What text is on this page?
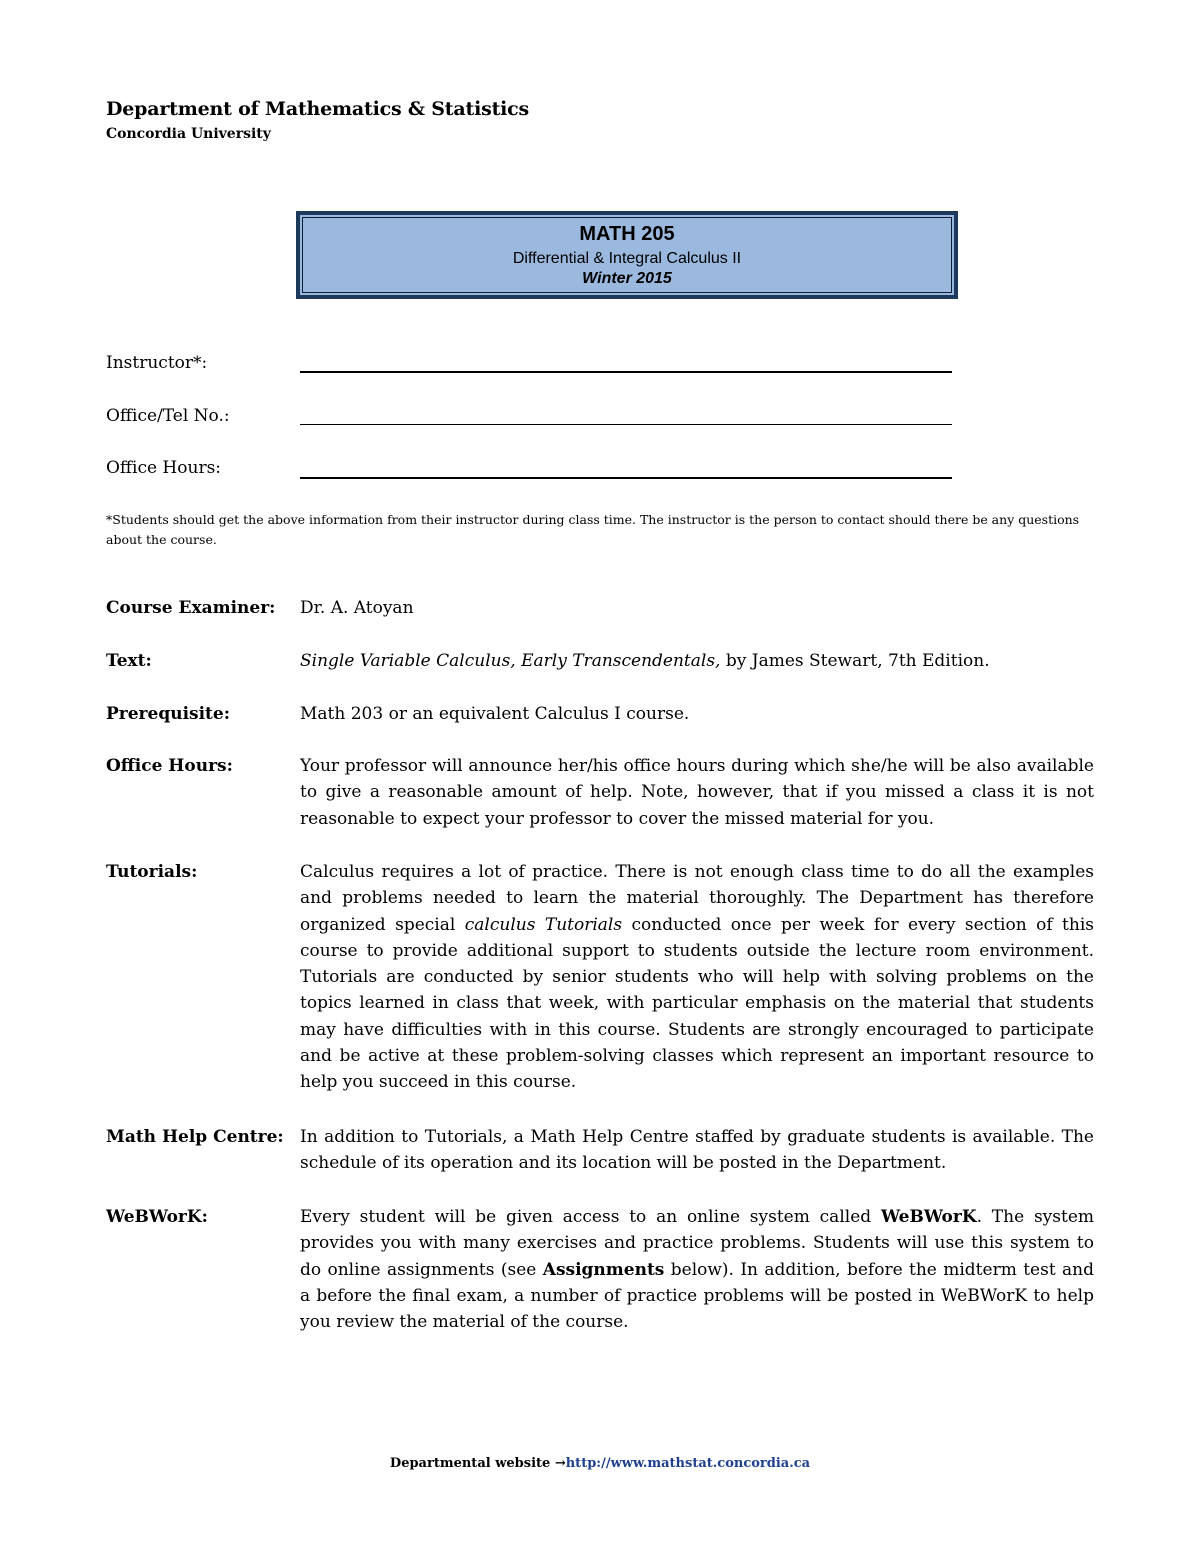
Department of Mathematics & Statistics
Concordia University
MATH 205
Differential & Integral Calculus II
Winter 2015
Instructor*:
Office/Tel No.:
Office Hours:
*Students should get the above information from their instructor during class time. The instructor is the person to contact should there be any questions about the course.
Course Examiner: Dr. A. Atoyan
Text:	Single Variable Calculus, Early Transcendentals, by James Stewart, 7th Edition.
Prerequisite:	Math 203 or an equivalent Calculus I course.
Office Hours:	Your professor will announce her/his office hours during which she/he will be also available to give a reasonable amount of help. Note, however, that if you missed a class it is not reasonable to expect your professor to cover the missed material for you.
Tutorials:	Calculus requires a lot of practice. There is not enough class time to do all the examples and problems needed to learn the material thoroughly. The Department has therefore organized special calculus Tutorials conducted once per week for every section of this course to provide additional support to students outside the lecture room environment. Tutorials are conducted by senior students who will help with solving problems on the topics learned in class that week, with particular emphasis on the material that students may have difficulties with in this course. Students are strongly encouraged to participate and be active at these problem-solving classes which represent an important resource to help you succeed in this course.
Math Help Centre: In addition to Tutorials, a Math Help Centre staffed by graduate students is available. The schedule of its operation and its location will be posted in the Department.
WeBWorK:	Every student will be given access to an online system called WeBWorK. The system provides you with many exercises and practice problems. Students will use this system to do online assignments (see Assignments below). In addition, before the midterm test and a before the final exam, a number of practice problems will be posted in WeBWorK to help you review the material of the course.
Departmental website →http://www.mathstat.concordia.ca
